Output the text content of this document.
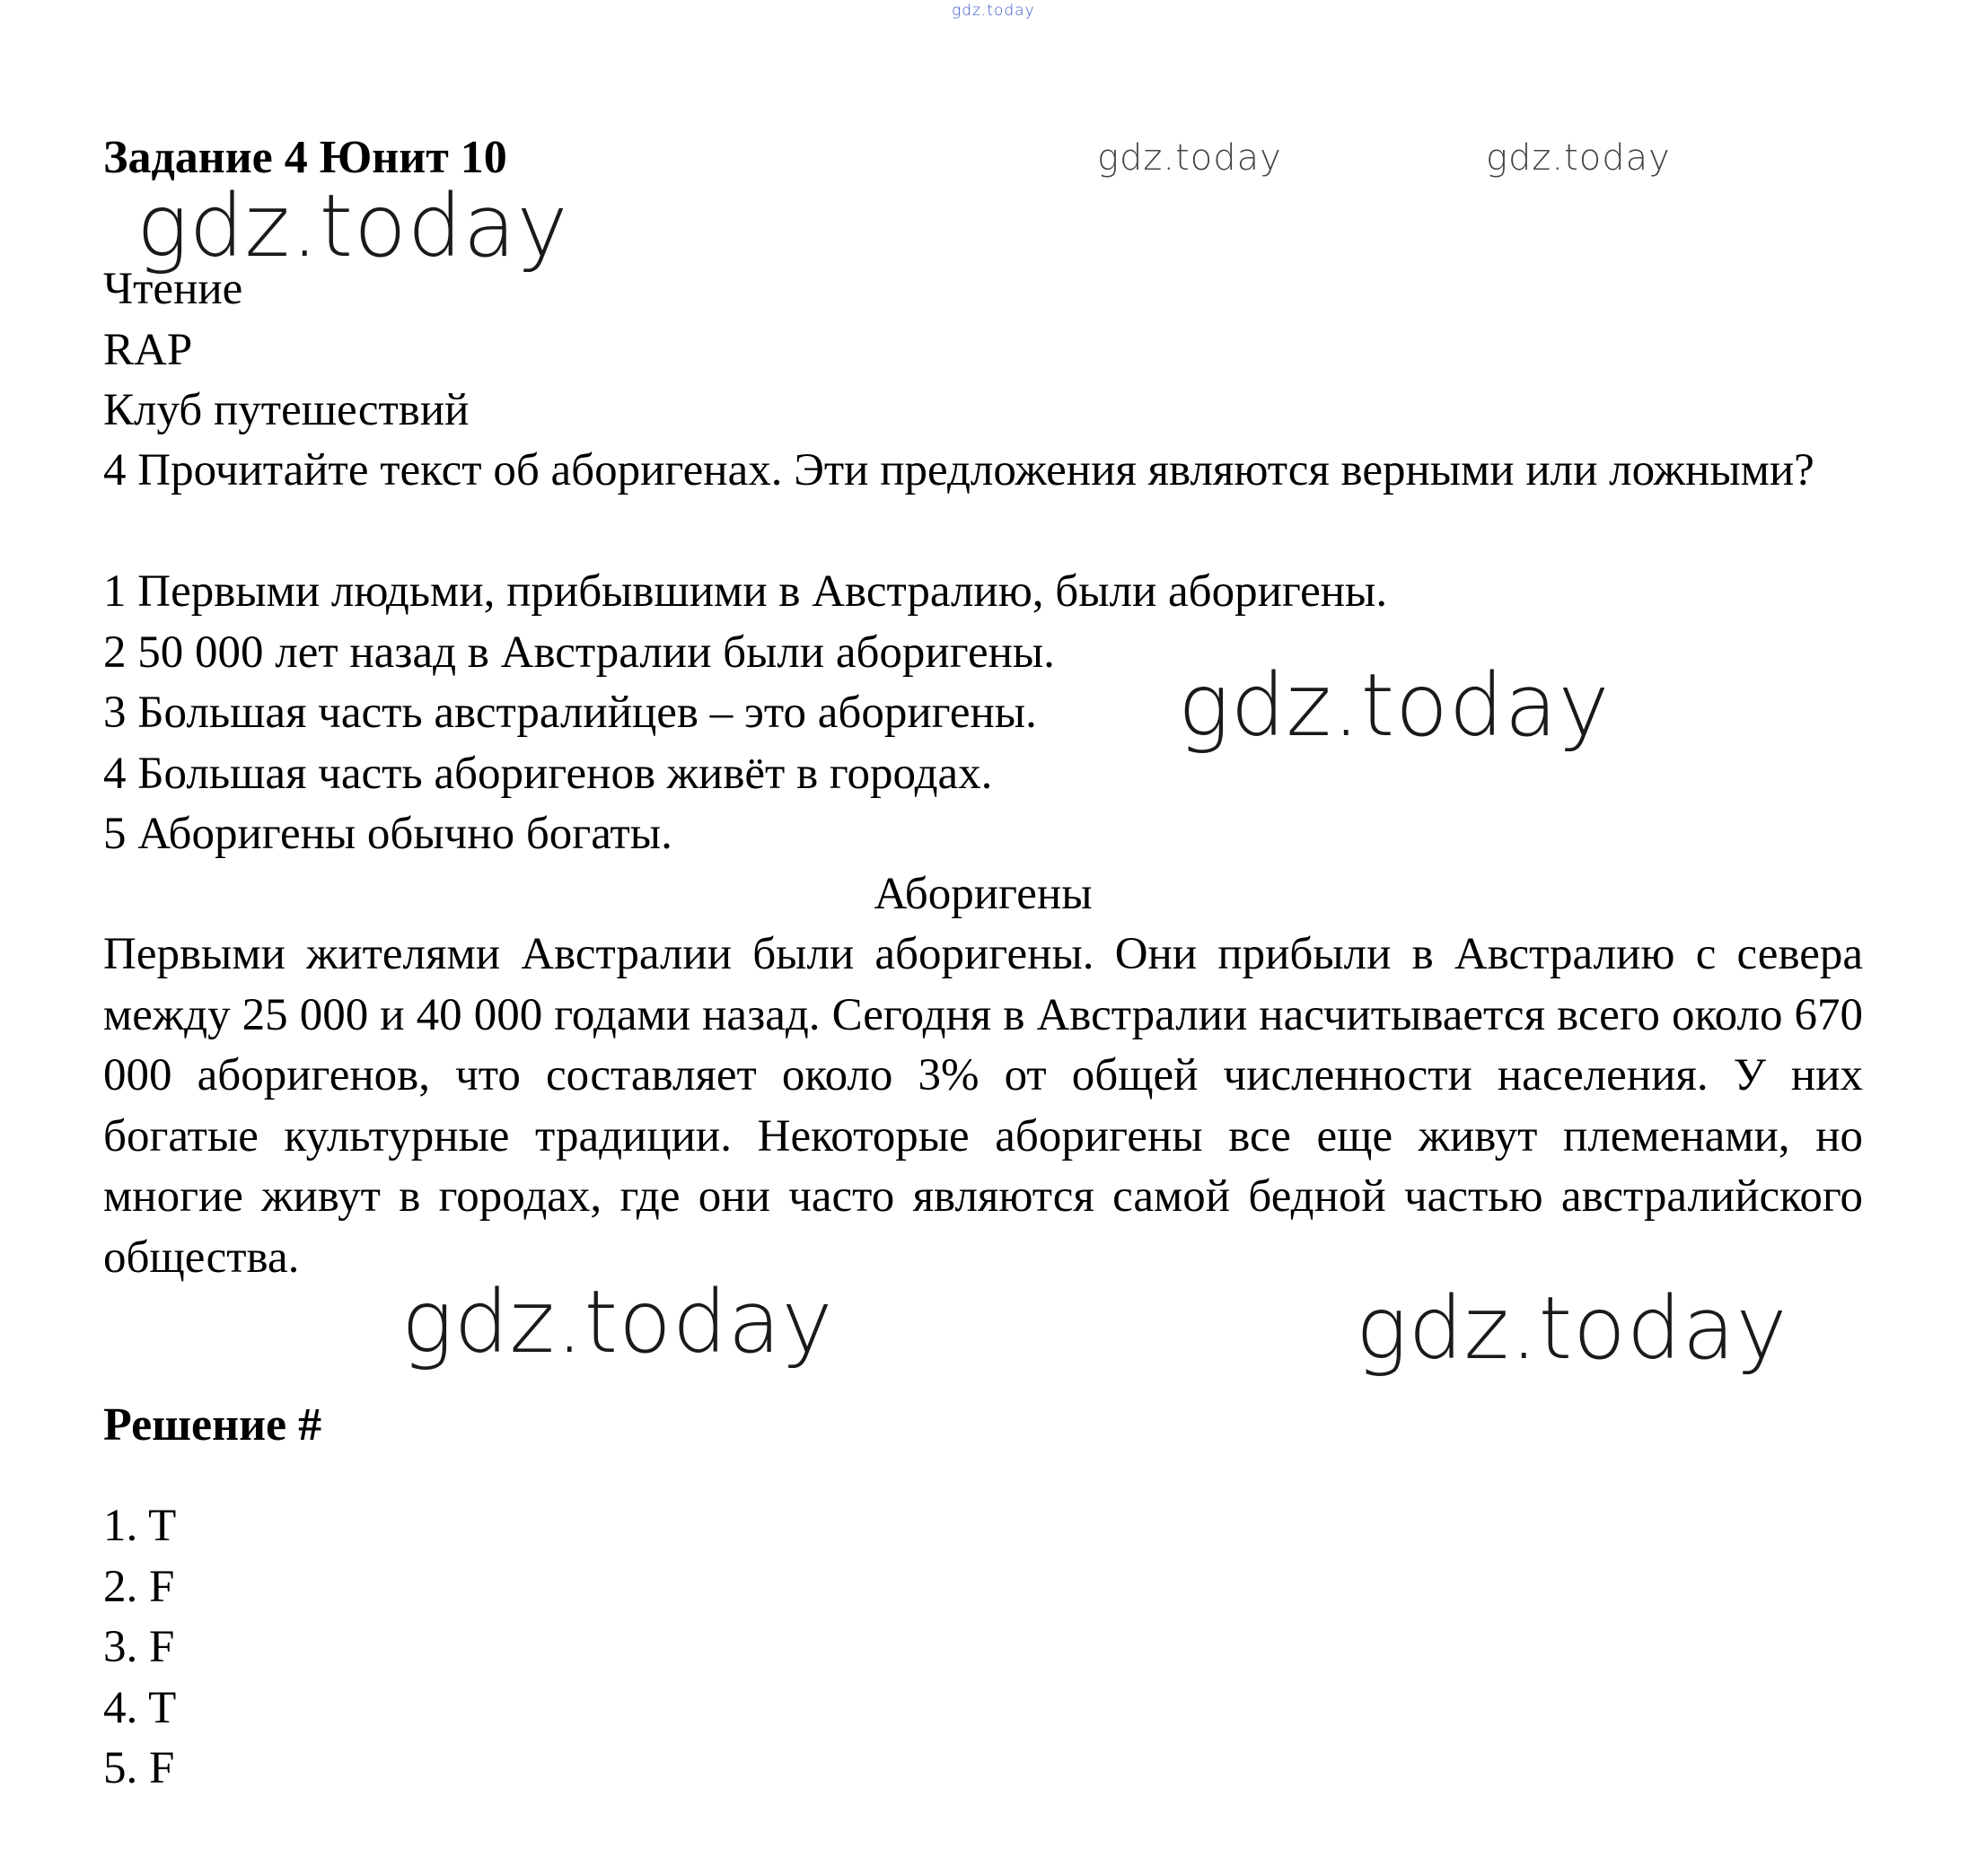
gdz.today
gdz.today	gdz.today
Задание 4 Юнит 10
Чтение
RAP
Клуб путешествий
4 Прочитайте текст об аборигенах. Эти предложения являются верными или ложными?
1 Первыми людьми, прибывшими в Австралию, были аборигены.
2 50 000 лет назад в Австралии были аборигены.
3 Большая часть австралийцев – это аборигены.
4 Большая часть аборигенов живёт в городах.
5 Аборигены обычно богаты.
Аборигены
Первыми жителями Австралии были аборигены. Они прибыли в Австралию с севера между 25 000 и 40 000 годами назад. Сегодня в Австралии насчитывается всего около 670 000 аборигенов, что составляет около 3% от общей численности населения. У них богатые культурные традиции. Некоторые аборигены все еще живут племенами, но многие живут в городах, где они часто являются самой бедной частью австралийского общества.
Решение #
1. T
2. F
3. F
4. T
5. F
gdz.today
gdz.today
gdz.today	gdz.today
